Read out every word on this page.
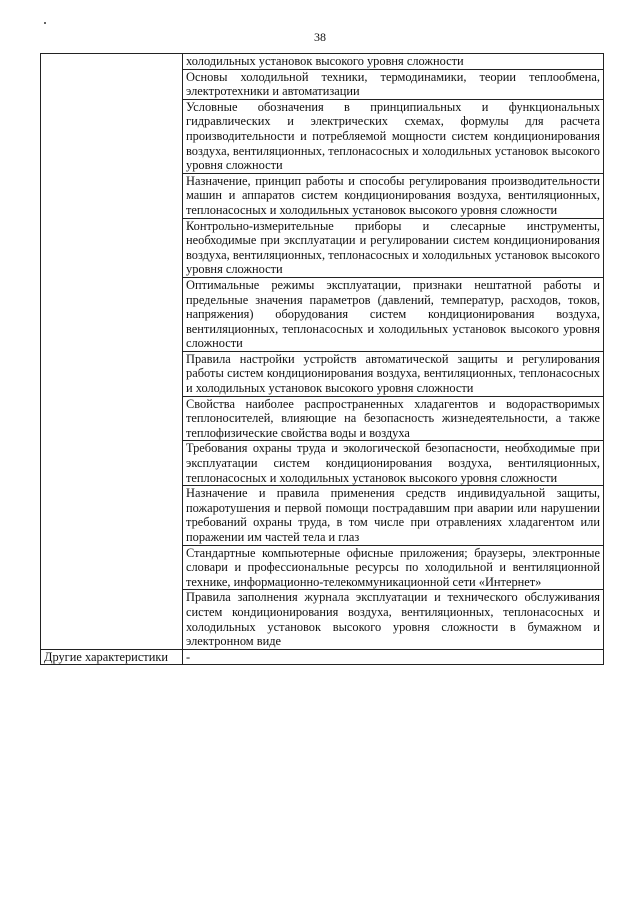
38
	холодильных установок высокого уровня сложности
	Основы холодильной техники, термодинамики, теории теплообмена, электротехники и автоматизации
	Условные обозначения в принципиальных и функциональных гидравлических и электрических схемах, формулы для расчета производительности и потребляемой мощности систем кондиционирования воздуха, вентиляционных, теплонасосных и холодильных установок высокого уровня сложности
	Назначение, принцип работы и способы регулирования производительности машин и аппаратов систем кондиционирования воздуха, вентиляционных, теплонасосных и холодильных установок высокого уровня сложности
	Контрольно-измерительные приборы и слесарные инструменты, необходимые при эксплуатации и регулировании систем кондиционирования воздуха, вентиляционных, теплонасосных и холодильных установок высокого уровня сложности
	Оптимальные режимы эксплуатации, признаки нештатной работы и предельные значения параметров (давлений, температур, расходов, токов, напряжения) оборудования систем кондиционирования воздуха, вентиляционных, теплонасосных и холодильных установок высокого уровня сложности
	Правила настройки устройств автоматической защиты и регулирования работы систем кондиционирования воздуха, вентиляционных, теплонасосных и холодильных установок высокого уровня сложности
	Свойства наиболее распространенных хладагентов и водорастворимых теплоносителей, влияющие на безопасность жизнедеятельности, а также теплофизические свойства воды и воздуха
	Требования охраны труда и экологической безопасности, необходимые при эксплуатации систем кондиционирования воздуха, вентиляционных, теплонасосных и холодильных установок высокого уровня сложности
	Назначение и правила применения средств индивидуальной защиты, пожаротушения и первой помощи пострадавшим при аварии или нарушении требований охраны труда, в том числе при отравлениях хладагентом или поражении им частей тела и глаз
	Стандартные компьютерные офисные приложения; браузеры, электронные словари и профессиональные ресурсы по холодильной и вентиляционной технике, информационно-телекоммуникационной сети «Интернет»
	Правила заполнения журнала эксплуатации и технического обслуживания систем кондиционирования воздуха, вентиляционных, теплонасосных и холодильных установок высокого уровня сложности в бумажном и электронном виде
Другие характеристики	-
